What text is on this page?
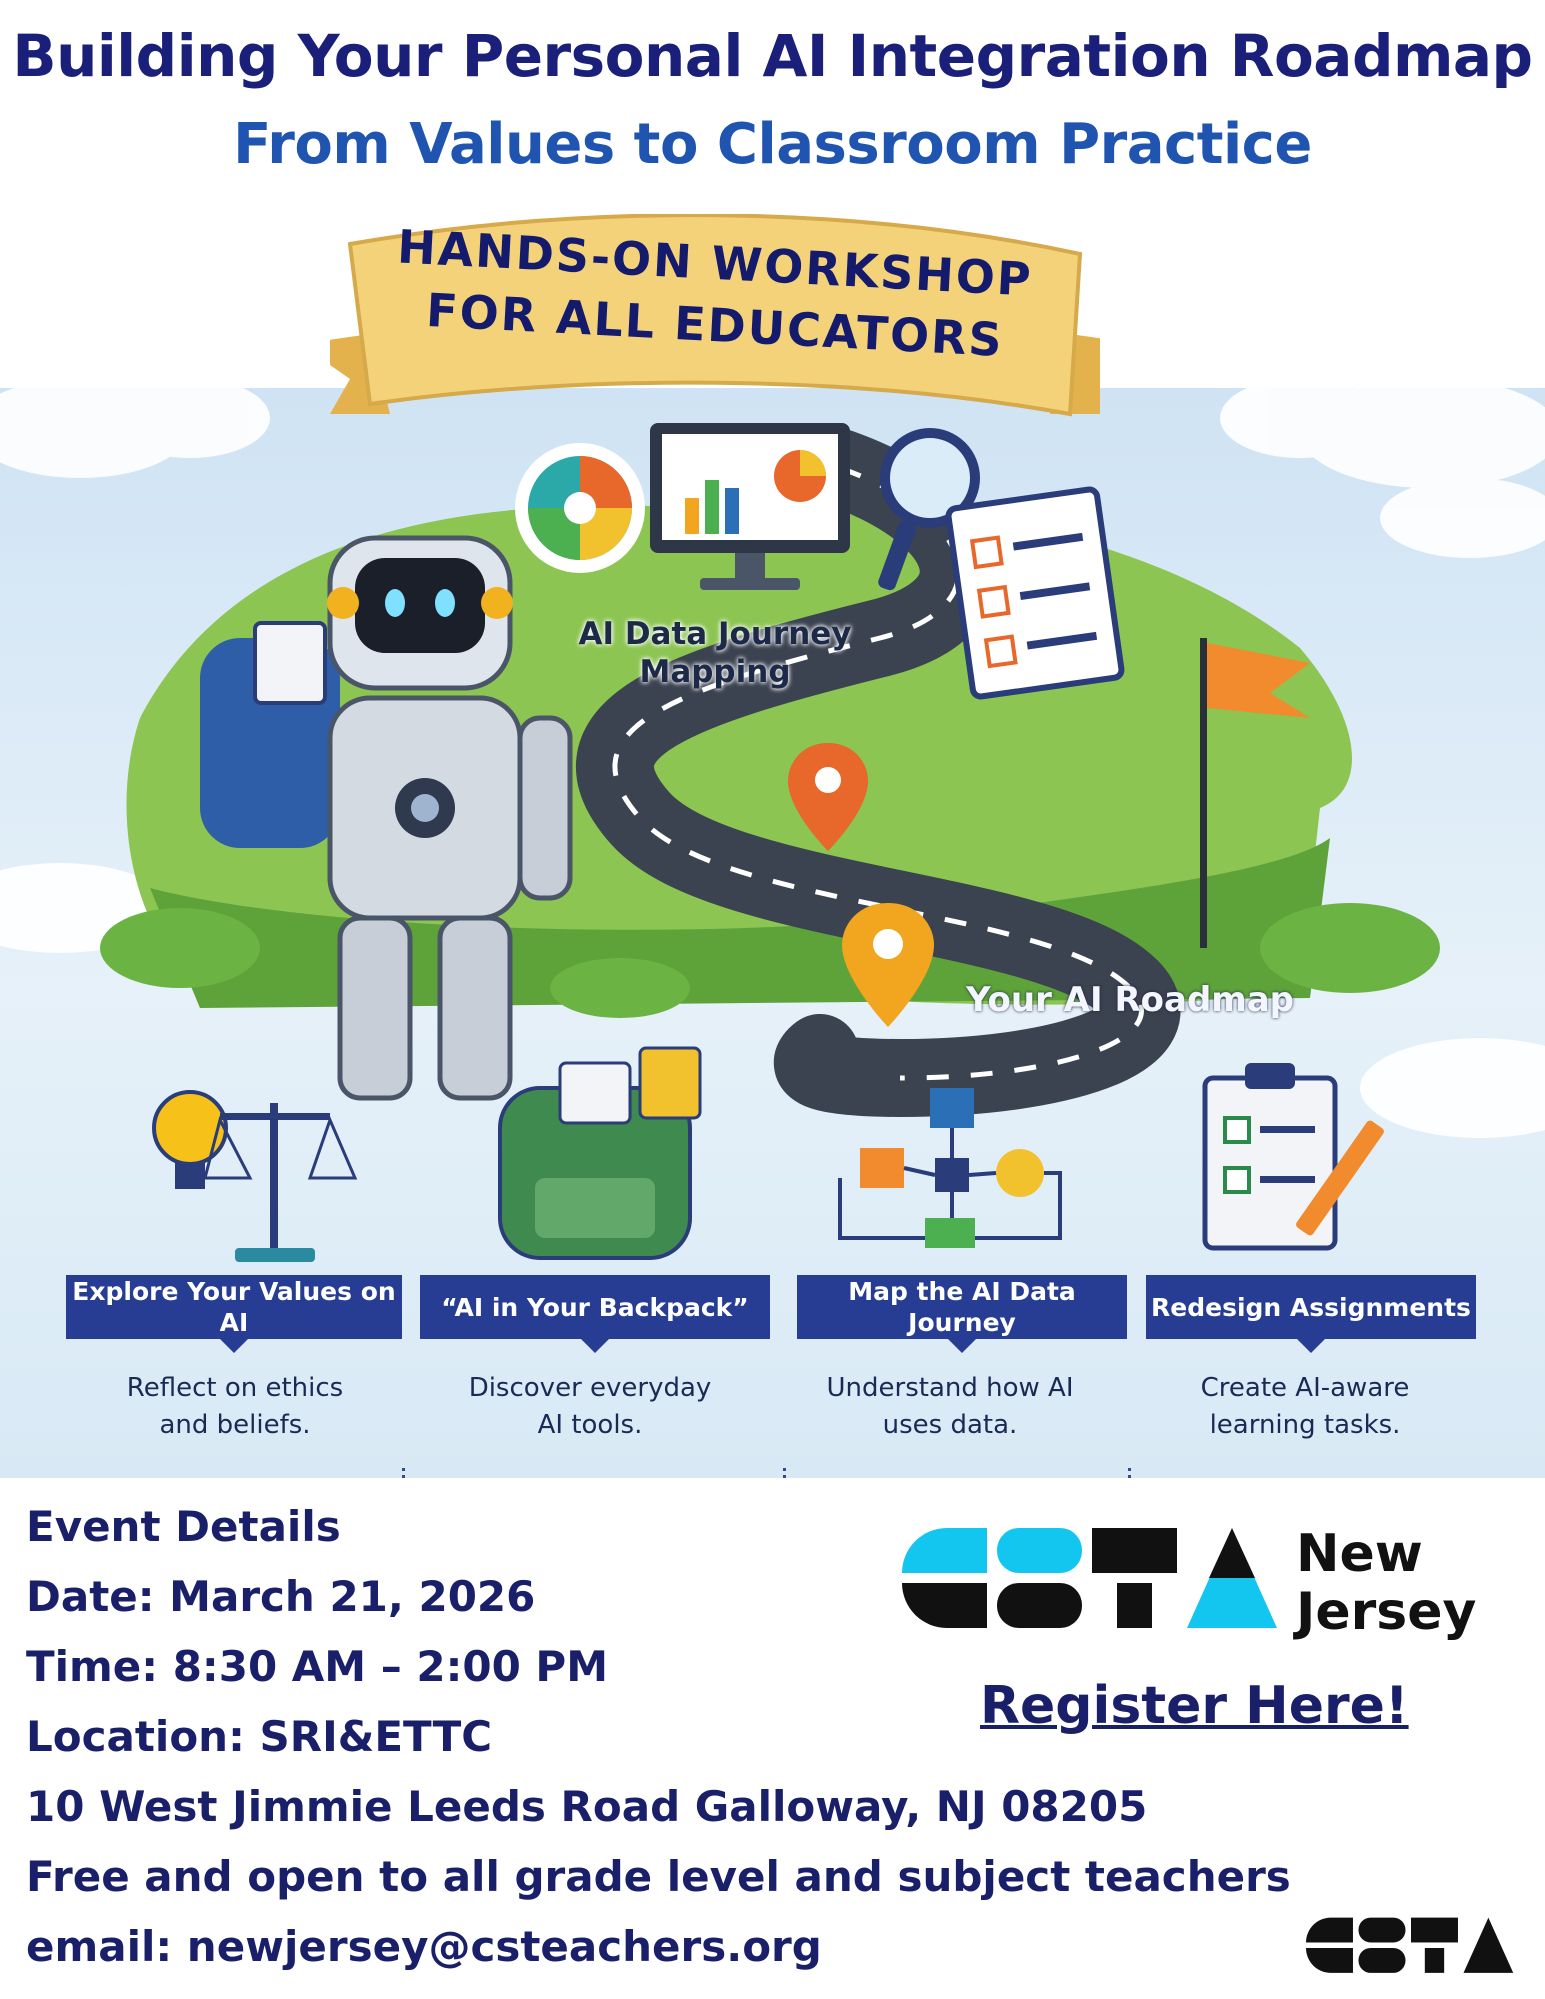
Building Your Personal AI Integration Roadmap
From Values to Classroom Practice
HANDS-ON WORKSHOP
FOR ALL EDUCATORS
AI Data Journey Mapping
Your AI Roadmap
Explore Your Values on AI
“AI in Your Backpack”
Map the AI Data Journey
Redesign Assignments
Reflect on ethics and beliefs.
Discover everyday AI tools.
Understand how AI uses data.
Create AI-aware learning tasks.
Event Details
Date: March 21, 2026
Time: 8:30 AM – 2:00 PM
Location: SRI&ETTC
10 West Jimmie Leeds Road Galloway, NJ 08205
Free and open to all grade level and subject teachers
email: newjersey@csteachers.org
New
Jersey
Register Here!
